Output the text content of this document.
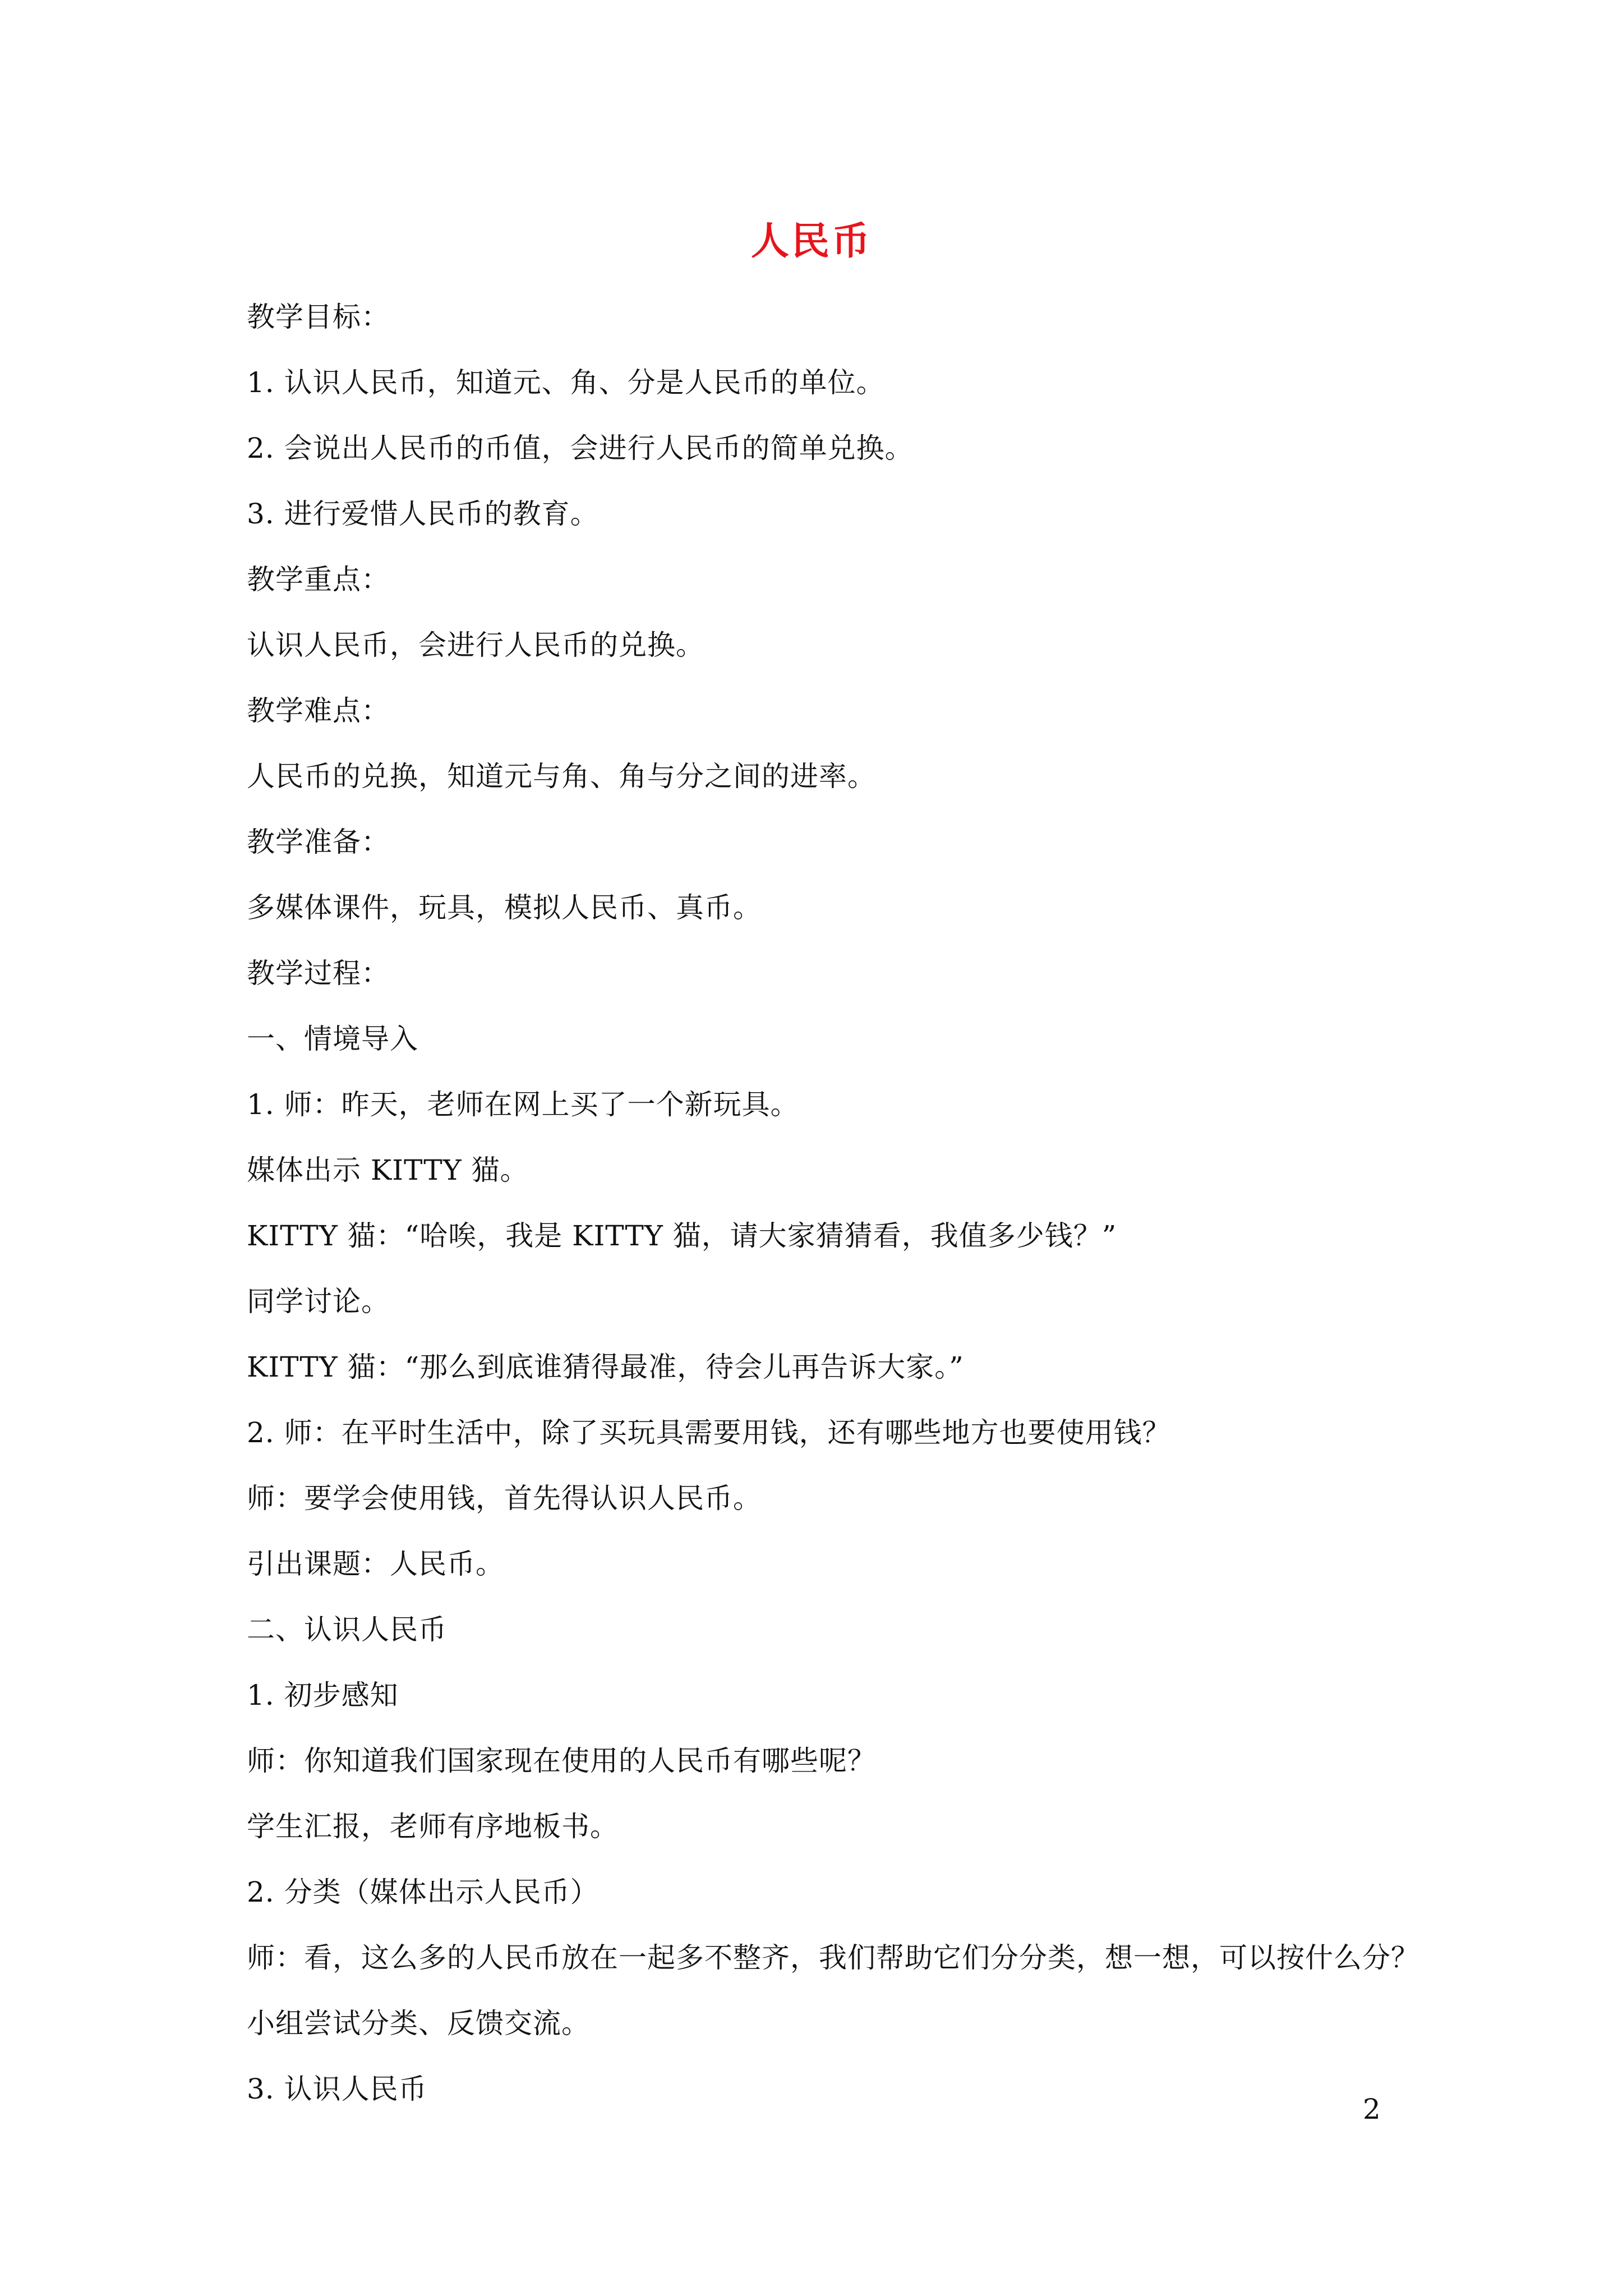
人民币
教学目标：
1. 认识人民币，知道元、角、分是人民币的单位。
2. 会说出人民币的币值，会进行人民币的简单兑换。
3. 进行爱惜人民币的教育。
教学重点：
认识人民币，会进行人民币的兑换。
教学难点：
人民币的兑换，知道元与角、角与分之间的进率。
教学准备：
多媒体课件，玩具，模拟人民币、真币。
教学过程：
一、情境导入
1. 师：昨天，老师在网上买了一个新玩具。
媒体出示 KITTY 猫。
KITTY 猫：“哈唉，我是 KITTY 猫，请大家猜猜看，我值多少钱？”
同学讨论。
KITTY 猫：“那么到底谁猜得最准，待会儿再告诉大家。”
2. 师：在平时生活中，除了买玩具需要用钱，还有哪些地方也要使用钱？
师：要学会使用钱，首先得认识人民币。
引出课题：人民币。
二、认识人民币
1. 初步感知
师：你知道我们国家现在使用的人民币有哪些呢？
学生汇报，老师有序地板书。
2. 分类（媒体出示人民币）
师：看，这么多的人民币放在一起多不整齐，我们帮助它们分分类，想一想，可以按什么分？
小组尝试分类、反馈交流。
3. 认识人民币
2
